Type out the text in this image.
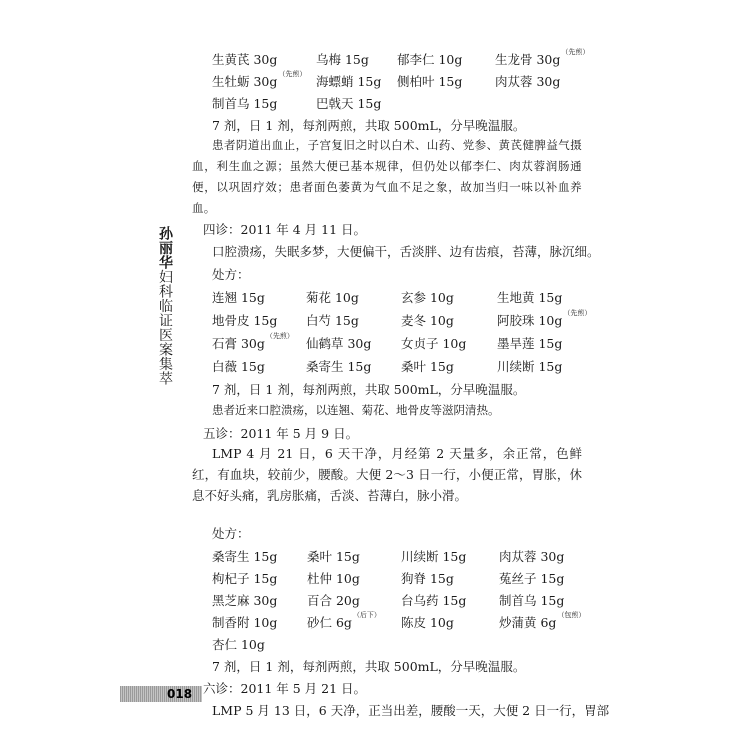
孙丽华妇科临证医案集萃
生黄芪 30g	乌梅 15g 郁李仁 10g	生龙骨 30g$^{(先煎)}$
生牡蛎 30g$^{(先煎)}$ 海螵蛸 15g 侧柏叶 15g	肉苁蓉 30g
制首乌 15g	巴戟天 15g
7 剂，日 1 剂，每剂两煎，共取 500mL，分早晚温服。
患者阴道出血止，子宫复旧之时以白术、山药、党参、黄芪健脾益气摄血，利生血之源；虽然大便已基本规律，但仍处以郁李仁、肉苁蓉润肠通便，以巩固疗效；患者面色萎黄为气血不足之象，故加当归一味以补血养血。
四诊：2011 年 4 月 11 日。
口腔溃疡，失眠多梦，大便偏干，舌淡胖、边有齿痕，苔薄，脉沉细。
处方：
连翘 15g	菊花 10g	玄参 10g	生地黄 15g
地骨皮 15g 白芍 15g	麦冬 10g	阿胶珠 10g$^{(先煎)}$
石膏 30g$^{(先煎)}$ 仙鹤草 30g 女贞子 10g 墨旱莲 15g
白薇 15g	桑寄生 15g 桑叶 15g	川续断 15g
7 剂，日 1 剂，每剂两煎，共取 500mL，分早晚温服。
患者近来口腔溃疡，以连翘、菊花、地骨皮等滋阴清热。
五诊：2011 年 5 月 9 日。
LMP 4 月 21 日，6 天干净，月经第 2 天量多，余正常，色鲜红，有血块，较前少，腰酸。大便 2～3 日一行，小便正常，胃胀，休息不好头痛，乳房胀痛，舌淡、苔薄白，脉小滑。
处方：
桑寄生 15g 桑叶 15g	川续断 15g	肉苁蓉 30g
枸杞子 15g 杜仲 10g	狗脊 15g	菟丝子 15g
黑芝麻 30g 百合 20g	台乌药 15g	制首乌 15g
制香附 10g 砂仁 6g$^{(后下)}$ 陈皮 10g	炒蒲黄 6g$^{(包煎)}$
杏仁 10g
7 剂，日 1 剂，每剂两煎，共取 500mL，分早晚温服。
六诊：2011 年 5 月 21 日。
LMP 5 月 13 日，6 天净，正当出差，腰酸一天，大便 2 日一行，胃部
018
